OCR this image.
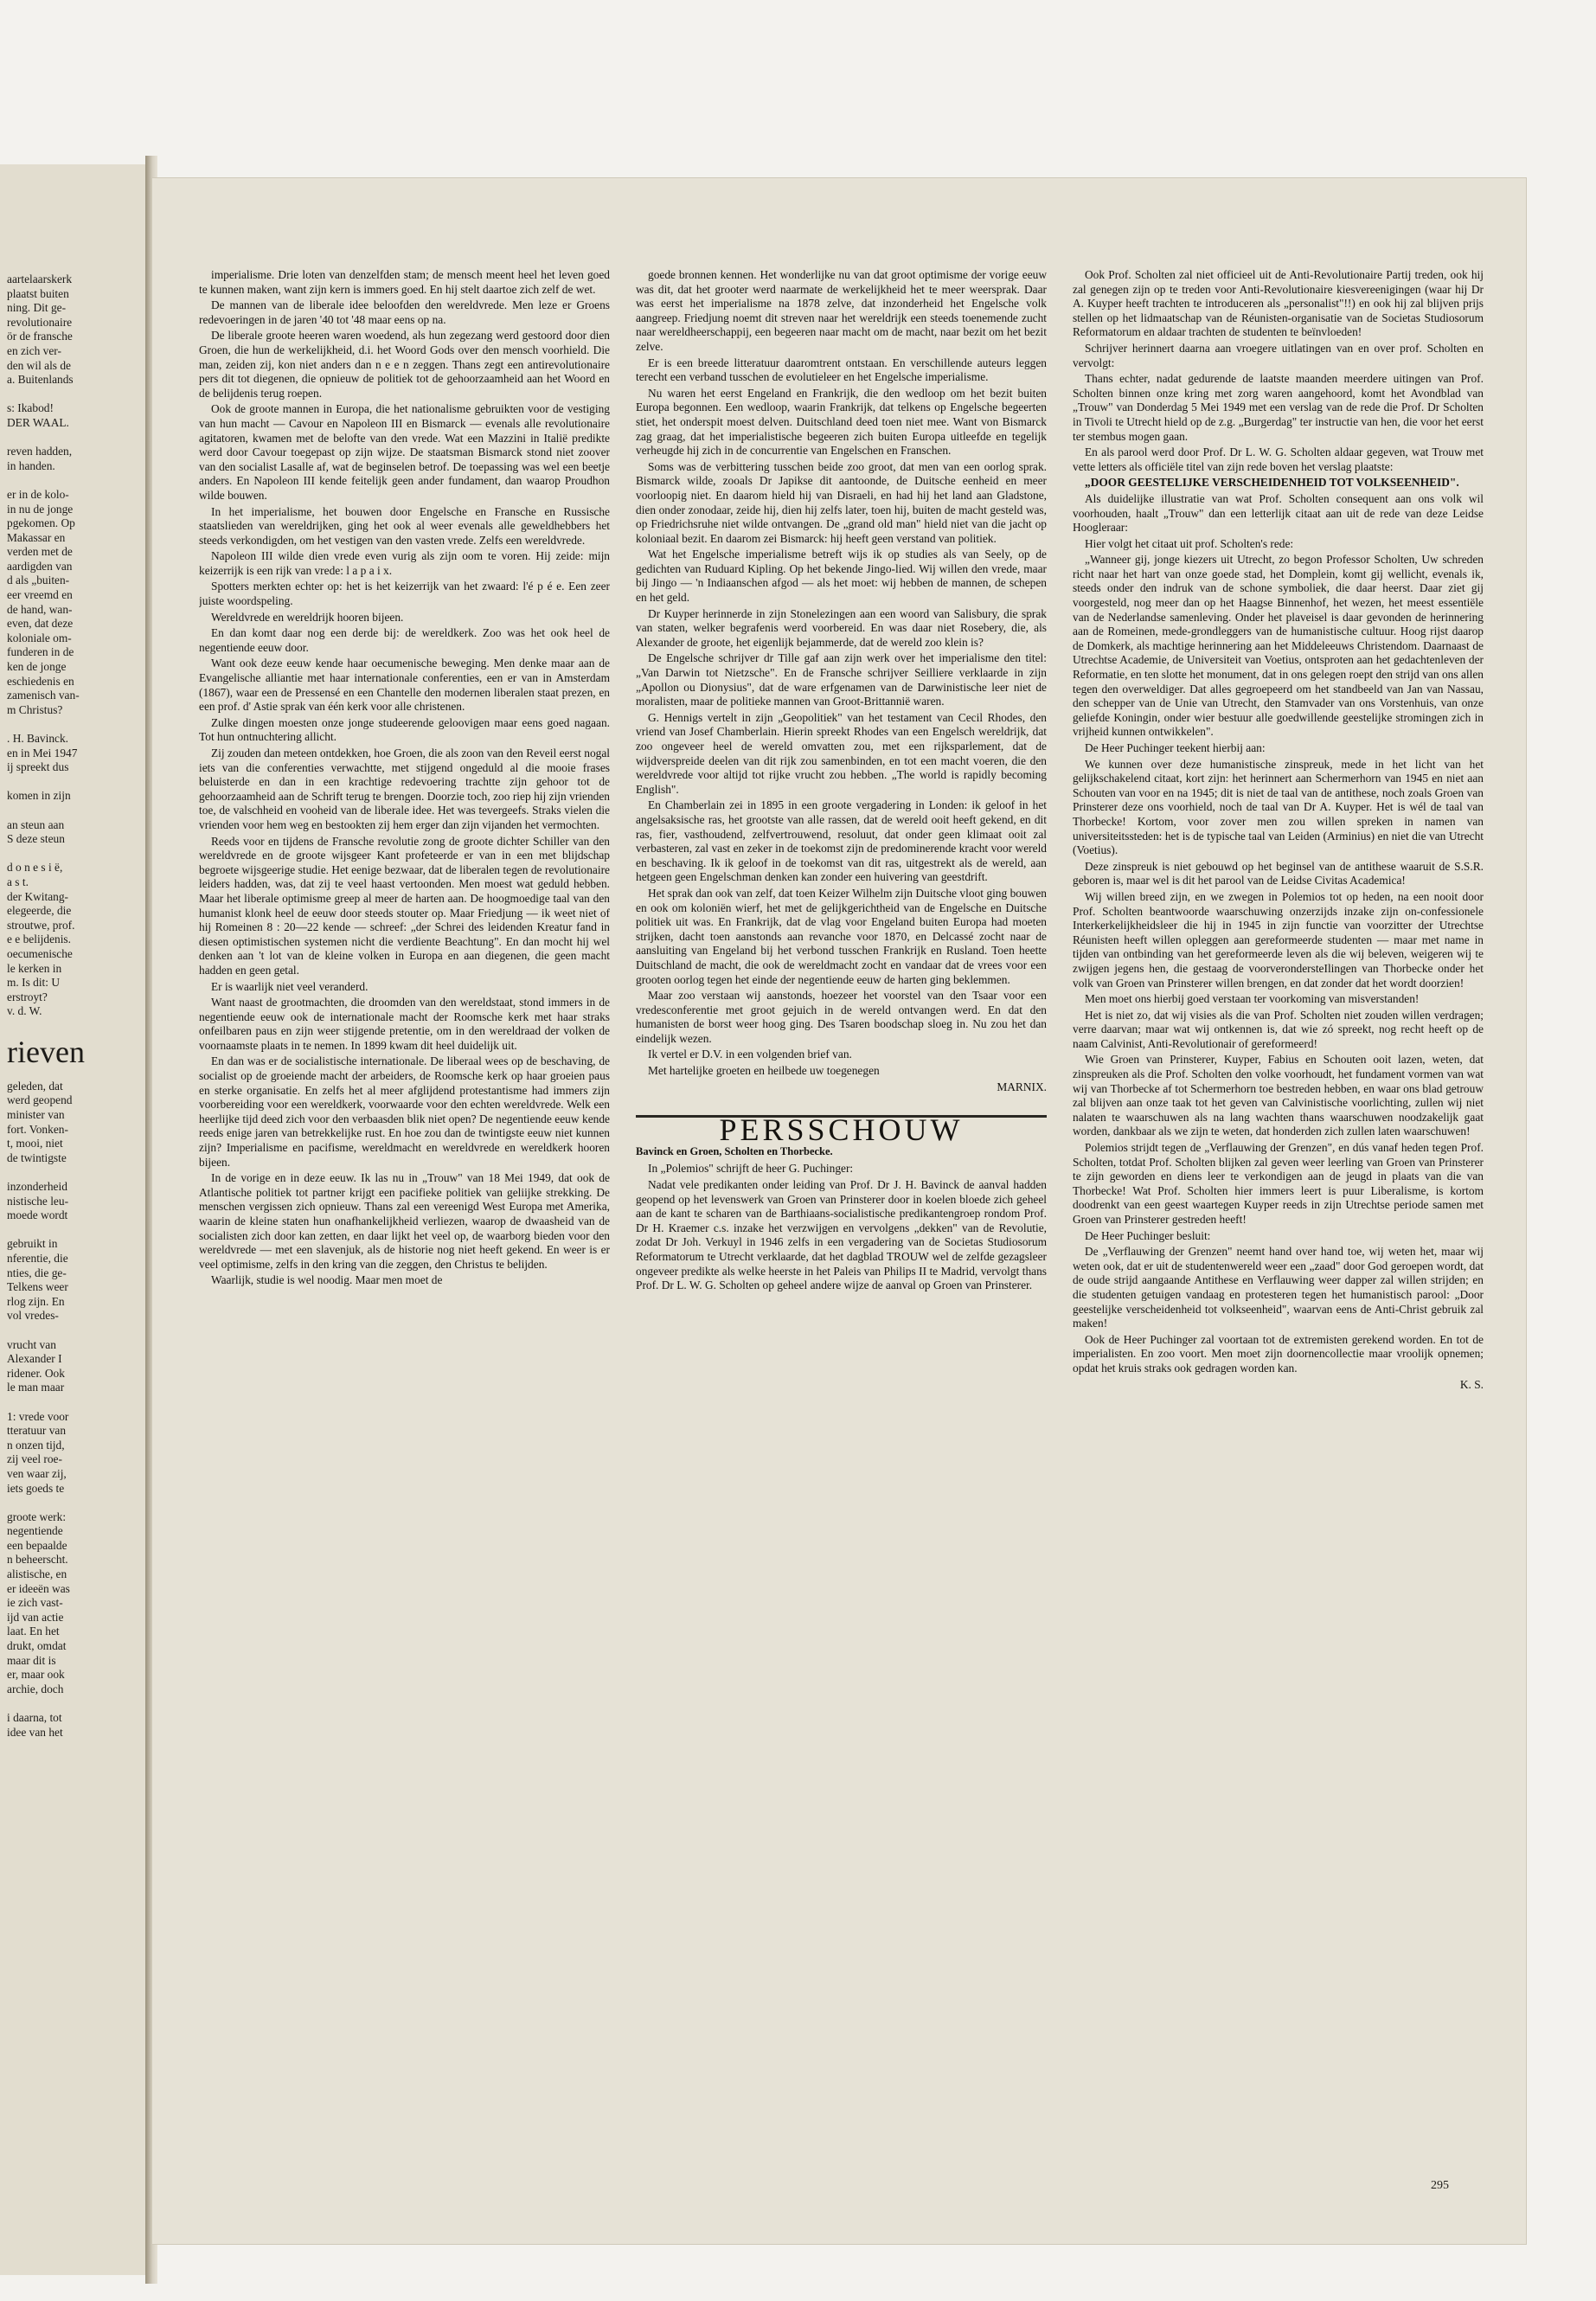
aartelaarskerk

plaatst buiten

ning. Dit ge-

revolutionaire

ör de fransche

en zich ver-

den wil als de

a. Buitenlands

s: Ikabod!

DER WAAL.

reven hadden,

in handen.

er in de kolo-

in nu de jonge

pgekomen. Op

Makassar en

verden met de

aardigden van

d als „buiten-

eer vreemd en

de hand, wan-

even, dat deze

koloniale om-

funderen in de

ken de jonge

eschiedenis en

zamenisch van-

m Christus?

. H. Bavinck.

en in Mei 1947

ij spreekt dus

komen in zijn

an steun aan

S deze steun

d o n e s i ë,

a s t.

der Kwitang-

elegeerde, die

stroutwe, prof.

e e belijdenis.

oecumenische

le kerken in

m. Is dit: U

erstroyt?

v. d. W.

rieven

geleden, dat

werd geopend

minister van

fort. Vonken-

t, mooi, niet

de twintigste

inzonderheid

nistische leu-

moede wordt

gebruikt in

nferentie, die

nties, die ge-

Telkens weer

rlog zijn. En

vol vredes-

vrucht van

Alexander I

ridener. Ook

le man maar

1: vrede voor

tteratuur van

n onzen tijd,

zij veel roe-

ven waar zij,

iets goeds te

groote werk:

negentiende

een bepaalde

n beheerscht.

alistische, en

er ideeën was

ie zich vast-

ijd van actie

laat. En het

drukt, omdat

maar dit is

er, maar ook

archie, doch

i daarna, tot

idee van het

imperialisme. Drie loten van denzelfden stam; de mensch meent heel het leven goed te kunnen maken, want zijn kern is immers goed. En hij stelt daartoe zich zelf de wet.

De mannen van de liberale idee beloofden den wereldvrede. Men leze er Groens redevoeringen in de jaren '40 tot '48 maar eens op na.

De liberale groote heeren waren woedend, als hun zegezang werd gestoord door dien Groen, die hun de werkelijkheid, d.i. het Woord Gods over den mensch voorhield. Die man, zeiden zij, kon niet anders dan n e e n zeggen. Thans zegt een antirevolutionaire pers dit tot diegenen, die opnieuw de politiek tot de gehoorzaamheid aan het Woord en de belijdenis terug roepen.

Ook de groote mannen in Europa, die het nationalisme gebruikten voor de vestiging van hun macht — Cavour en Napoleon III en Bismarck — evenals alle revolutionaire agitatoren, kwamen met de belofte van den vrede. Wat een Mazzini in Italië predikte werd door Cavour toegepast op zijn wijze. De staatsman Bismarck stond niet zoover van den socialist Lasalle af, wat de beginselen betrof. De toepassing was wel een beetje anders. En Napoleon III kende feitelijk geen ander fundament, dan waarop Proudhon wilde bouwen.

In het imperialisme, het bouwen door Engelsche en Fransche en Russische staatslieden van wereldrijken, ging het ook al weer evenals alle geweldhebbers het steeds verkondigden, om het vestigen van den vasten vrede. Zelfs een wereldvrede.

Napoleon III wilde dien vrede even vurig als zijn oom te voren. Hij zeide: mijn keizerrijk is een rijk van vrede: l a p a i x.

Spotters merkten echter op: het is het keizerrijk van het zwaard: l'é p é e. Een zeer juiste woordspeling.

Wereldvrede en wereldrijk hooren bijeen.

En dan komt daar nog een derde bij: de wereldkerk. Zoo was het ook heel de negentiende eeuw door.

Want ook deze eeuw kende haar oecumenische beweging. Men denke maar aan de Evangelische alliantie met haar internationale conferenties, een er van in Amsterdam (1867), waar een de Pressensé en een Chantelle den modernen liberalen staat prezen, en een prof. d' Astie sprak van één kerk voor alle christenen.

Zulke dingen moesten onze jonge studeerende geloovigen maar eens goed nagaan. Tot hun ontnuchtering allicht.

Zij zouden dan meteen ontdekken, hoe Groen, die als zoon van den Reveil eerst nogal iets van die conferenties verwachtte, met stijgend ongeduld al die mooie frases beluisterde en dan in een krachtige redevoering trachtte zijn gehoor tot de gehoorzaamheid aan de Schrift terug te brengen. Doorzie toch, zoo riep hij zijn vrienden toe, de valschheid en vooheid van de liberale idee. Het was tevergeefs. Straks vielen die vrienden voor hem weg en bestookten zij hem erger dan zijn vijanden het vermochten.

Reeds voor en tijdens de Fransche revolutie zong de groote dichter Schiller van den wereldvrede en de groote wijsgeer Kant profeteerde er van in een met blijdschap begroete wijsgeerige studie. Het eenige bezwaar, dat de liberalen tegen de revolutionaire leiders hadden, was, dat zij te veel haast vertoonden. Men moest wat geduld hebben. Maar het liberale optimisme greep al meer de harten aan. De hoogmoedige taal van den humanist klonk heel de eeuw door steeds stouter op. Maar Friedjung — ik weet niet of hij Romeinen 8 : 20—22 kende — schreef: „der Schrei des leidenden Kreatur fand in diesen optimistischen systemen nicht die verdiente Beachtung". En dan mocht hij wel denken aan 't lot van de kleine volken in Europa en aan diegenen, die geen macht hadden en geen getal.

Er is waarlijk niet veel veranderd.

Want naast de grootmachten, die droomden van den wereldstaat, stond immers in de negentiende eeuw ook de internationale macht der Roomsche kerk met haar straks onfeilbaren paus en zijn weer stijgende pretentie, om in den wereldraad der volken de voornaamste plaats in te nemen. In 1899 kwam dit heel duidelijk uit.

En dan was er de socialistische internationale. De liberaal wees op de beschaving, de socialist op de groeiende macht der arbeiders, de Roomsche kerk op haar groeien paus en sterke organisatie. En zelfs het al meer afglijdend protestantisme had immers zijn voorbereiding voor een wereldkerk, voorwaarde voor den echten wereldvrede. Welk een heerlijke tijd deed zich voor den verbaasden blik niet open? De negentiende eeuw kende reeds enige jaren van betrekkelijke rust. En hoe zou dan de twintigste eeuw niet kunnen zijn? Imperialisme en pacifisme, wereldmacht en wereldvrede en wereldkerk hooren bijeen.

In de vorige en in deze eeuw. Ik las nu in „Trouw" van 18 Mei 1949, dat ook de Atlantische politiek tot partner krijgt een pacifieke politiek van geliijke strekking. De menschen vergissen zich opnieuw. Thans zal een vereenigd West Europa met Amerika, waarin de kleine staten hun onafhankelijkheid verliezen, waarop de dwaasheid van de socialisten zich door kan zetten, en daar lijkt het veel op, de waarborg bieden voor den wereldvrede — met een slavenjuk, als de historie nog niet heeft gekend. En weer is er veel optimisme, zelfs in den kring van die zeggen, den Christus te belijden.

Waarlijk, studie is wel noodig. Maar men moet de

goede bronnen kennen. Het wonderlijke nu van dat groot optimisme der vorige eeuw was dit, dat het grooter werd naarmate de werkelijkheid het te meer weersprak. Daar was eerst het imperialisme na 1878 zelve, dat inzonderheid het Engelsche volk aangreep. Friedjung noemt dit streven naar het wereldrijk een steeds toenemende zucht naar wereldheerschappij, een begeeren naar macht om de macht, naar bezit om het bezit zelve.

Er is een breede litteratuur daaromtrent ontstaan. En verschillende auteurs leggen terecht een verband tusschen de evolutieleer en het Engelsche imperialisme.

Nu waren het eerst Engeland en Frankrijk, die den wedloop om het bezit buiten Europa begonnen. Een wedloop, waarin Frankrijk, dat telkens op Engelsche begeerten stiet, het onderspit moest delven. Duitschland deed toen niet mee. Want von Bismarck zag graag, dat het imperialistische begeeren zich buiten Europa uitleefde en tegelijk verheugde hij zich in de concurrentie van Engelschen en Franschen.

Soms was de verbittering tusschen beide zoo groot, dat men van een oorlog sprak. Bismarck wilde, zooals Dr Japikse dit aantoonde, de Duitsche eenheid en meer voorloopig niet. En daarom hield hij van Disraeli, en had hij het land aan Gladstone, dien onder zonodaar, zeide hij, dien hij zelfs later, toen hij, buiten de macht gesteld was, op Friedrichsruhe niet wilde ontvangen. De „grand old man" hield niet van die jacht op koloniaal bezit. En daarom zei Bismarck: hij heeft geen verstand van politiek.

Wat het Engelsche imperialisme betreft wijs ik op studies als van Seely, op de gedichten van Ruduard Kipling. Op het bekende Jingo-lied. Wij willen den vrede, maar bij Jingo — 'n Indiaanschen afgod — als het moet: wij hebben de mannen, de schepen en het geld.

Dr Kuyper herinnerde in zijn Stonelezingen aan een woord van Salisbury, die sprak van staten, welker begrafenis werd voorbereid. En was daar niet Rosebery, die, als Alexander de groote, het eigenlijk bejammerde, dat de wereld zoo klein is?

De Engelsche schrijver dr Tille gaf aan zijn werk over het imperialisme den titel: „Van Darwin tot Nietzsche". En de Fransche schrijver Seilliere verklaarde in zijn „Apollon ou Dionysius", dat de ware erfgenamen van de Darwinistische leer niet de moralisten, maar de politieke mannen van Groot-Brittannië waren.

G. Hennigs vertelt in zijn „Geopolitiek" van het testament van Cecil Rhodes, den vriend van Josef Chamberlain. Hierin spreekt Rhodes van een Engelsch wereldrijk, dat zoo ongeveer heel de wereld omvatten zou, met een rijksparlement, dat de wijdverspreide deelen van dit rijk zou samenbinden, en tot een macht voeren, die den wereldvrede voor altijd tot rijke vrucht zou hebben. „The world is rapidly becoming English".

En Chamberlain zei in 1895 in een groote vergadering in Londen: ik geloof in het angelsaksische ras, het grootste van alle rassen, dat de wereld ooit heeft gekend, en dit ras, fier, vasthoudend, zelfvertrouwend, resoluut, dat onder geen klimaat ooit zal verbasteren, zal vast en zeker in de toekomst zijn de predominerende kracht voor wereld en beschaving. Ik ik geloof in de toekomst van dit ras, uitgestrekt als de wereld, aan hetgeen geen Engelschman denken kan zonder een huivering van geestdrift.

Het sprak dan ook van zelf, dat toen Keizer Wilhelm zijn Duitsche vloot ging bouwen en ook om koloniën wierf, het met de gelijkgerichtheid van de Engelsche en Duitsche politiek uit was. En Frankrijk, dat de vlag voor Engeland buiten Europa had moeten strijken, dacht toen aanstonds aan revanche voor 1870, en Delcassé zocht naar de aansluiting van Engeland bij het verbond tusschen Frankrijk en Rusland. Toen heette Duitschland de macht, die ook de wereldmacht zocht en vandaar dat de vrees voor een grooten oorlog tegen het einde der negentiende eeuw de harten ging beklemmen.

Maar zoo verstaan wij aanstonds, hoezeer het voorstel van den Tsaar voor een vredesconferentie met groot gejuich in de wereld ontvangen werd. En dat den humanisten de borst weer hoog ging. Des Tsaren boodschap sloeg in. Nu zou het dan eindelijk wezen.

Ik vertel er D.V. in een volgenden brief van.

Met hartelijke groeten en heilbede uw toegenegen

MARNIX.

PERSSCHOUW
Bavinck en Groen, Scholten en Thorbecke.

In „Polemios" schrijft de heer G. Puchinger:

Nadat vele predikanten onder leiding van Prof. Dr J. H. Bavinck de aanval hadden geopend op het levenswerk van Groen van Prinsterer door in koelen bloede zich geheel aan de kant te scharen van de Barthiaans-socialistische predikantengroep rondom Prof. Dr H. Kraemer c.s. inzake het verzwijgen en vervolgens „dekken" van de Revolutie, zodat Dr Joh. Verkuyl in 1946 zelfs in een vergadering van de Societas Studiosorum Reformatorum te Utrecht verklaarde, dat het dagblad TROUW wel de zelfde gezagsleer ongeveer predikte als welke heerste in het Paleis van Philips II te Madrid, vervolgt thans Prof. Dr L. W. G. Scholten op geheel andere wijze de aanval op Groen van Prinsterer.

Ook Prof. Scholten zal niet officieel uit de Anti-Revolutionaire Partij treden, ook hij zal genegen zijn op te treden voor Anti-Revolutionaire kiesvereenigingen (waar hij Dr A. Kuyper heeft trachten te introduceren als „personalist"!!) en ook hij zal blijven prijs stellen op het lidmaatschap van de Réunisten-organisatie van de Societas Studiosorum Reformatorum en aldaar trachten de studenten te beïnvloeden!

Schrijver herinnert daarna aan vroegere uitlatingen van en over prof. Scholten en vervolgt:

Thans echter, nadat gedurende de laatste maanden meerdere uitingen van Prof. Scholten binnen onze kring met zorg waren aangehoord, komt het Avondblad van „Trouw" van Donderdag 5 Mei 1949 met een verslag van de rede die Prof. Dr Scholten in Tivoli te Utrecht hield op de z.g. „Burgerdag" ter instructie van hen, die voor het eerst ter stembus mogen gaan.

En als parool werd door Prof. Dr L. W. G. Scholten aldaar gegeven, wat Trouw met vette letters als officiële titel van zijn rede boven het verslag plaatste:

„DOOR GEESTELIJKE VERSCHEIDENHEID TOT VOLKSEENHEID".

Als duidelijke illustratie van wat Prof. Scholten consequent aan ons volk wil voorhouden, haalt „Trouw" dan een letterlijk citaat aan uit de rede van deze Leidse Hoogleraar:

Hier volgt het citaat uit prof. Scholten's rede:

„Wanneer gij, jonge kiezers uit Utrecht, zo begon Professor Scholten, Uw schreden richt naar het hart van onze goede stad, het Domplein, komt gij wellicht, evenals ik, steeds onder den indruk van de schone symboliek, die daar heerst. Daar ziet gij voorgesteld, nog meer dan op het Haagse Binnenhof, het wezen, het meest essentiële van de Nederlandse samenleving. Onder het plaveisel is daar gevonden de herinnering aan de Romeinen, mede-grondleggers van de humanistische cultuur. Hoog rijst daarop de Domkerk, als machtige herinnering aan het Middeleeuws Christendom. Daarnaast de Utrechtse Academie, de Universiteit van Voetius, ontsproten aan het gedachtenleven der Reformatie, en ten slotte het monument, dat in ons gelegen roept den strijd van ons allen tegen den overweldiger. Dat alles gegroepeerd om het standbeeld van Jan van Nassau, den schepper van de Unie van Utrecht, den Stamvader van ons Vorstenhuis, van onze geliefde Koningin, onder wier bestuur alle goedwillende geestelijke stromingen zich in vrijheid kunnen ontwikkelen".

De Heer Puchinger teekent hierbij aan:

We kunnen over deze humanistische zinspreuk, mede in het licht van het gelijkschakelend citaat, kort zijn: het herinnert aan Schermerhorn van 1945 en niet aan Schouten van voor en na 1945; dit is niet de taal van de antithese, noch zoals Groen van Prinsterer deze ons voorhield, noch de taal van Dr A. Kuyper. Het is wél de taal van Thorbecke! Kortom, voor zover men zou willen spreken in namen van universiteitssteden: het is de typische taal van Leiden (Arminius) en niet die van Utrecht (Voetius).

Deze zinspreuk is niet gebouwd op het beginsel van de antithese waaruit de S.S.R. geboren is, maar wel is dit het parool van de Leidse Civitas Academica!

Wij willen breed zijn, en we zwegen in Polemios tot op heden, na een nooit door Prof. Scholten beantwoorde waarschuwing onzerzijds inzake zijn on-confessionele Interkerkelijkheidsleer die hij in 1945 in zijn functie van voorzitter der Utrechtse Réunisten heeft willen opleggen aan gereformeerde studenten — maar met name in tijden van ontbinding van het gereformeerde leven als die wij beleven, weigeren wij te zwijgen jegens hen, die gestaag de voorverondersteIlingen van Thorbecke onder het volk van Groen van Prinsterer willen brengen, en dat zonder dat het wordt doorzien!

Men moet ons hierbij goed verstaan ter voorkoming van misverstanden!

Het is niet zo, dat wij visies als die van Prof. Scholten niet zouden willen verdragen; verre daarvan; maar wat wij ontkennen is, dat wie zó spreekt, nog recht heeft op de naam Calvinist, Anti-Revolutionair of gereformeerd!

Wie Groen van Prinsterer, Kuyper, Fabius en Schouten ooit lazen, weten, dat zinspreuken als die Prof. Scholten den volke voorhoudt, het fundament vormen van wat wij van Thorbecke af tot Schermerhorn toe bestreden hebben, en waar ons blad getrouw zal blijven aan onze taak tot het geven van Calvinistische voorlichting, zullen wij niet nalaten te waarschuwen als na lang wachten thans waarschuwen noodzakelijk gaat worden, dankbaar als we zijn te weten, dat honderden zich zullen laten waarschuwen!

Polemios strijdt tegen de „Verflauwing der Grenzen", en dús vanaf heden tegen Prof. Scholten, totdat Prof. Scholten blijken zal geven weer leerling van Groen van Prinsterer te zijn geworden en diens leer te verkondigen aan de jeugd in plaats van die van Thorbecke! Wat Prof. Scholten hier immers leert is puur Liberalisme, is kortom doodrenkt van een geest waartegen Kuyper reeds in zijn Utrechtse periode samen met Groen van Prinsterer gestreden heeft!

De Heer Puchinger besluit:

De „Verflauwing der Grenzen" neemt hand over hand toe, wij weten het, maar wij weten ook, dat er uit de studentenwereld weer een „zaad" door God geroepen wordt, dat de oude strijd aangaande Antithese en Verflauwing weer dapper zal willen strijden; en die studenten getuigen vandaag en protesteren tegen het humanistisch parool: „Door geestelijke verscheidenheid tot volkseenheid", waarvan eens de Anti-Christ gebruik zal maken!

Ook de Heer Puchinger zal voortaan tot de extremisten gerekend worden. En tot de imperialisten. En zoo voort. Men moet zijn doornencollectie maar vroolijk opnemen; opdat het kruis straks ook gedragen worden kan.

K. S.

295
